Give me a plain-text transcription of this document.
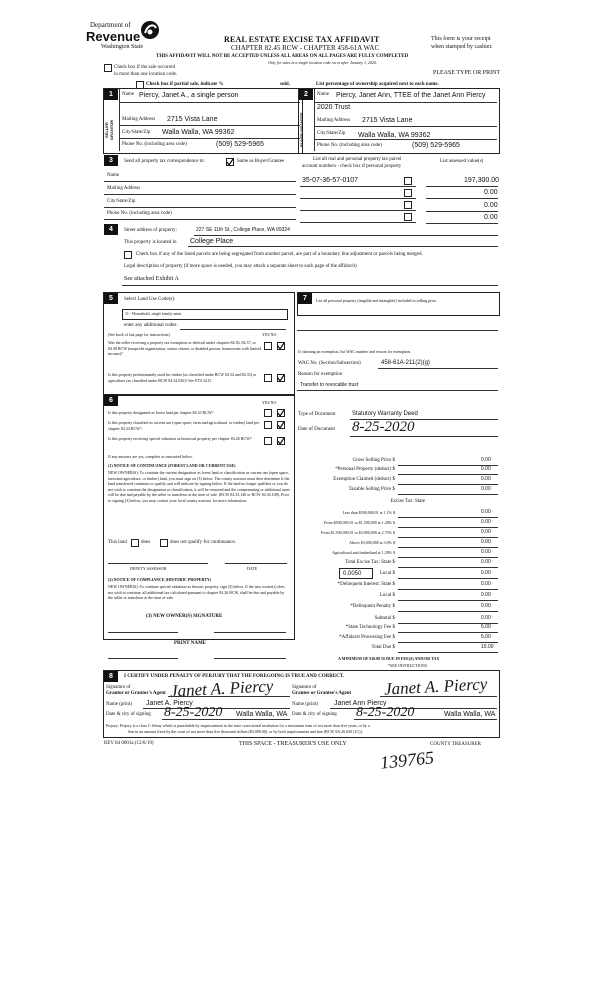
Department of
Revenue
Washington State
REAL ESTATE EXCISE TAX AFFIDAVIT
CHAPTER 82.45 RCW - CHAPTER 458-61A WAC
THIS AFFIDAVIT WILL NOT BE ACCEPTED UNLESS ALL AREAS ON ALL PAGES ARE FULLY COMPLETED
Only for sales in a single location code on or after January 1, 2020.
This form is your receipt
when stamped by cashier.
PLEASE TYPE OR PRINT
Check box if the sale occurred
in more than one location code.
Check box if partial sale, indicate %	sold.	List percentage of ownership acquired next to each name.
1
SELLER GRANTOR
Name Piercy, Janet A., a single person
Mailing Address 2715 Vista Lane
City/State/Zip Walla Walla, WA 99362
Phone No. (including area code)	(509) 529-5965
2
BUYER GRANTEE
Name Piercy, Janet Ann, TTEE of the Janet Ann Piercy
2020 Trust
Mailing Address 2715 Vista Lane
City/State/Zip Walla Walla, WA 99362
Phone No. (including area code)	(509) 529-5965
3	Send all property tax correspondence to:	Same as Buyer/Grantee
Name
Mailing Address
City/State/Zip
Phone No. (including area code)
List all real and personal property tax parcel
account numbers - check box if personal property
List assessed value(s)
35-07-36-57-0107	197,300.00
0.00
0.00
0.00
4	Street address of property:	227 SE 11th St., College Place, WA 99324
This property is located in College Place
Check box if any of the listed parcels are being segregated from another parcel, are part of a boundary line adjustment or parcels being merged.
Legal description of property (if more space is needed, you may attach a separate sheet to each page of the affidavit)
See attached Exhibit A
5	Select Land Use Code(s):
11 - Household, single family units
enter any additional codes:
(See back of last page for instructions)	YES NO
Was the seller receiving a property tax exemption or deferral under chapters 84.36, 84.37, or 84.38 RCW (nonprofit organization, senior citizen, or disabled person, homeowner with limited income)?
Is this property predominantly used for timber (as classified under RCW 84.34 and 84.33) or agriculture (as classified under RCW 84.34.020)? See ETA 3215
6	YES NO
Is this property designated as forest land per chapter 84.33 RCW?
Is this property classified as current use (open space, farm and agricultural, or timber) land per chapter 84.34 RCW?
Is this property receiving special valuation as historical property per chapter 84.26 RCW?
If any answers are yes, complete as instructed below.
(1) NOTICE OF CONTINUANCE (FOREST LAND OR CURRENT USE)
NEW OWNER(S): To continue the current designation as forest land or classification as current use (open space, farm and agriculture, or timber) land, you must sign on (3) below. The county assessor must then determine if the land transferred continues to qualify and will indicate by signing below. If the land no longer qualifies or you do not wish to continue the designation or classification, it will be removed and the compensating or additional taxes will be due and payable by the seller or transferor at the time of sale. (RCW 84.33.140 or RCW 84.34.108). Prior to signing (3) below, you may contact your local county assessor for more information.
This land	does	does not qualify for continuance.
DEPUTY ASSESSOR	DATE
(2) NOTICE OF COMPLIANCE (HISTORIC PROPERTY)
NEW OWNER(S): To continue special valuation as historic property, sign (3) below. If the new owner(s) does not wish to continue, all additional tax calculated pursuant to chapter 84.26 RCW, shall be due and payable by the seller or transferor at the time of sale.
(3) NEW OWNER(S) SIGNATURE
PRINT NAME
7	List all personal property (tangible and intangible) included in selling price.
If claiming an exemption, list WAC number and reason for exemption.
WAC No. (Section/Subsection)	458-61A-211(2)(g)
Reason for exemption
Transfer to revocable trust
Type of Document	Statutory Warranty Deed
Date of Document 8-25-2020
Gross Selling Price $	0.00
*Personal Property (deduct) $	0.00
Exemption Claimed (deduct) $	0.00
Taxable Selling Price $	0.00
Excise Tax: State
Less than $500,000.01 at 1.1% $	0.00
From $500,000.01 to $1,500,000 at 1.28% $	0.00
From $1,500,000.01 to $3,000,000 at 2.75% $	0.00
Above $3,000,000 at 3.0% $	0.00
Agricultural and timberland at 1.28% $	0.00
Total Excise Tax: State $	0.00
0.0050	Local $	0.00
*Delinquent Interest: State $	0.00
Local $	0.00
*Delinquent Penalty $	0.00
Subtotal $	0.00
*State Technology Fee $	5.00
*Affidavit Processing Fee $	5.00
Total Due $	10.00
A MINIMUM OF $10.00 IS DUE IN FEE(S) AND/OR TAX
*SEE INSTRUCTIONS
8	I CERTIFY UNDER PENALTY OF PERJURY THAT THE FOREGOING IS TRUE AND CORRECT.
Signature of
Grantor or Grantor's Agent Janet A. Piercy
Name (print) Janet A. Piercy
Date & city of signing 8-25-2020 Walla Walla, WA
Signature of
Grantee or Grantee's Agent Janet A. Piercy
Name (print) Janet Ann Piercy
Date & city of signing 8-25-2020	Walla Walla, WA
Perjury: Perjury is a class C felony which is punishable by imprisonment in the state correctional institution for a maximum term of not more than five years, or by a
fine in an amount fixed by the court of not more than five thousand dollars ($5,000.00), or by both imprisonment and fine (RCW 9A.20.020 (1C)).
REV 84 0001a (12/6/19)	THIS SPACE - TREASURER'S USE ONLY	COUNTY TREASURER
139765
